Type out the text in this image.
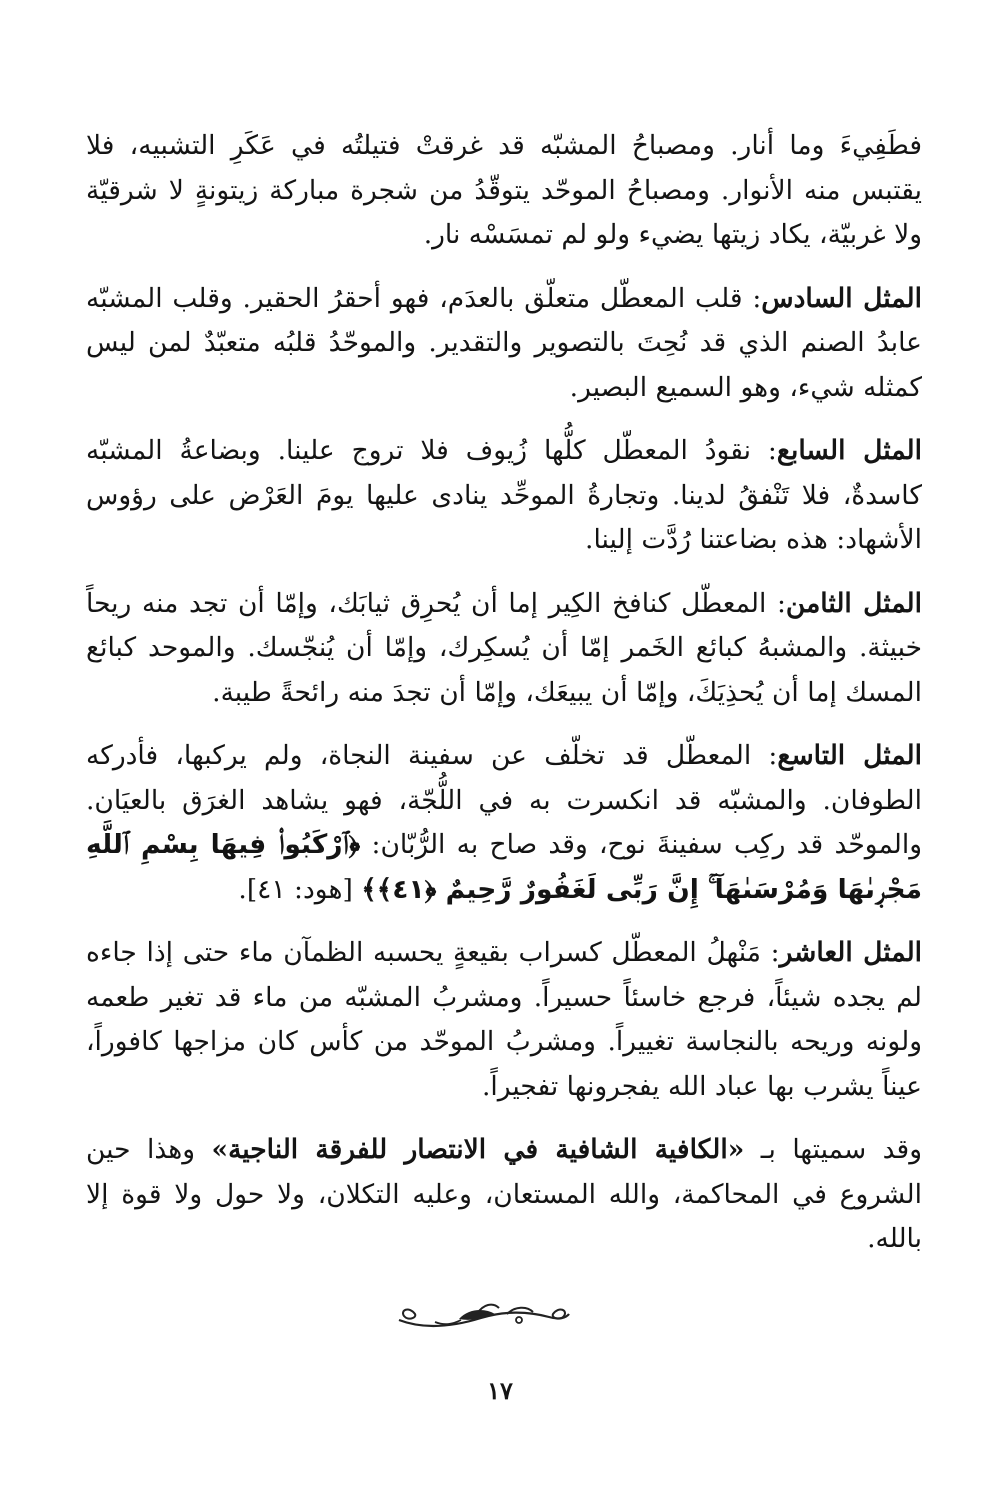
فطَفِيءَ وما أنار. ومصباحُ المشبّه قد غرقتْ فتيلتُه في عَكَرِ التشبيه، فلا يقتبس منه الأنوار. ومصباحُ الموحّد يتوقّدُ من شجرة مباركة زيتونةٍ لا شرقيّة ولا غربيّة، يكاد زيتها يضيء ولو لم تمسَسْه نار.

المثل السادس: قلب المعطّل متعلّق بالعدَم، فهو أحقرُ الحقير. وقلب المشبّه عابدُ الصنم الذي قد نُحِتَ بالتصوير والتقدير. والموحّدُ قلبُه متعبّدٌ لمن ليس كمثله شيء، وهو السميع البصير.

المثل السابع: نقودُ المعطّل كلُّها زُيوف فلا تروج علينا. وبضاعةُ المشبّه كاسدةٌ، فلا تَنْفقُ لدينا. وتجارةُ الموحِّد ينادى عليها يومَ العَرْض على رؤوس الأشهاد: هذه بضاعتنا رُدَّت إلينا.

المثل الثامن: المعطّل كنافخ الكِير إما أن يُحرِق ثيابَك، وإمّا أن تجد منه ريحاً خبيثة. والمشبهُ كبائع الخَمر إمّا أن يُسكِرك، وإمّا أن يُنجّسك. والموحد كبائع المسك إما أن يُحذِيَكَ، وإمّا أن يبيعَك، وإمّا أن تجدَ منه رائحةً طيبة.

المثل التاسع: المعطّل قد تخلّف عن سفينة النجاة، ولم يركبها، فأدركه الطوفان. والمشبّه قد انكسرت به في اللُّجّة، فهو يشاهد الغرَق بالعيَان. والموحّد قد ركِب سفينةَ نوح، وقد صاح به الرُّبّان: ﴿ٱرْكَبُوا۟ فِيهَا بِسْمِ ٱللَّهِ مَجْرٜىٰهَا وَمُرْسَىٰهَآ ۚ إِنَّ رَبِّى لَغَفُورٌ رَّحِيمٌ ﴿٤١﴾﴾ [هود: ٤١].

المثل العاشر: مَنْهلُ المعطّل كسراب بقيعةٍ يحسبه الظمآن ماء حتى إذا جاءه لم يجده شيئاً، فرجع خاسئاً حسيراً. ومشربُ المشبّه من ماء قد تغير طعمه ولونه وريحه بالنجاسة تغييراً. ومشربُ الموحّد من كأس كان مزاجها كافوراً، عيناً يشرب بها عباد الله يفجرونها تفجيراً.

وقد سميتها بـ «الكافية الشافية في الانتصار للفرقة الناجية» وهذا حين الشروع في المحاكمة، والله المستعان، وعليه التكلان، ولا حول ولا قوة إلا بالله.

١٧
